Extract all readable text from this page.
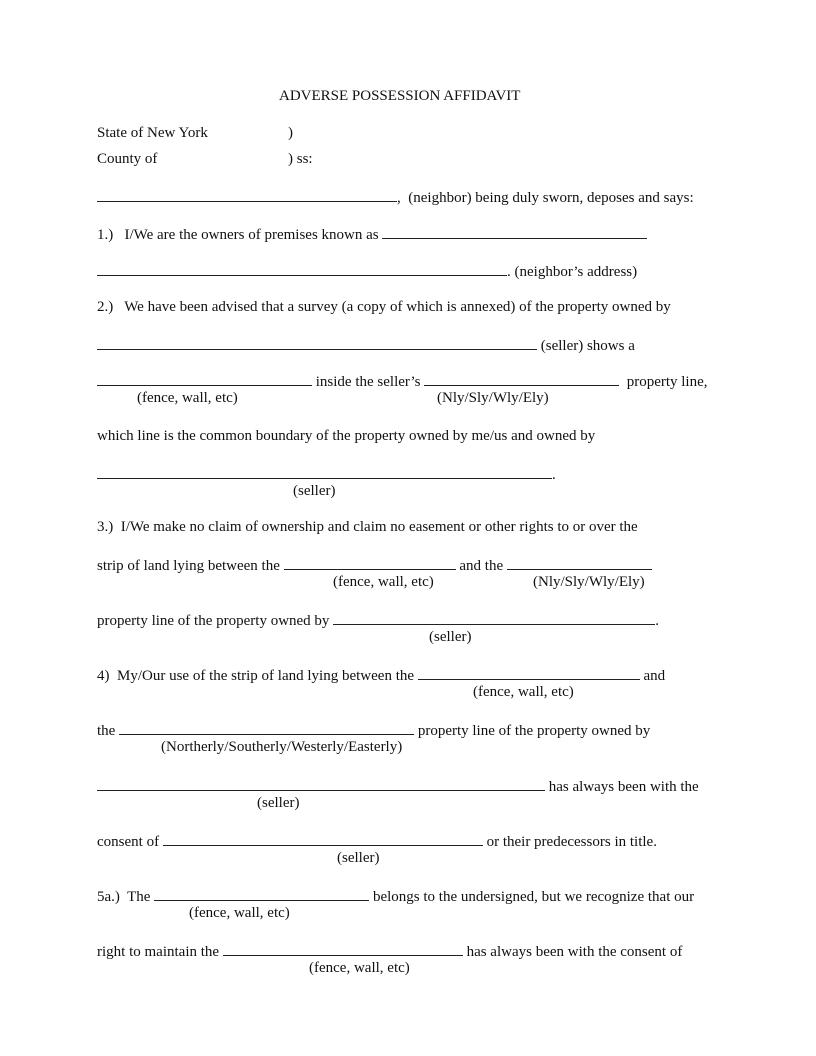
ADVERSE POSSESSION AFFIDAVIT
State of New York	)
County of	) ss:
,  (neighbor) being duly sworn, deposes and says:
1.)   I/We are the owners of premises known as
. (neighbor’s address)
2.)   We have been advised that a survey (a copy of which is annexed) of the property owned by
(seller) shows a
inside the seller’s	property line,
(fence, wall, etc)	(Nly/Sly/Wly/Ely)
which line is the common boundary of the property owned by me/us and owned by
.
(seller)
3.)  I/We make no claim of ownership and claim no easement or other rights to or over the
strip of land lying between the	and the
(fence, wall, etc)	(Nly/Sly/Wly/Ely)
property line of the property owned by	.
(seller)
4)  My/Our use of the strip of land lying between the	and
(fence, wall, etc)
the	property line of the property owned by
(Northerly/Southerly/Westerly/Easterly)
has always been with the
(seller)
consent of	or their predecessors in title.
(seller)
5a.)  The	belongs to the undersigned, but we recognize that our
(fence, wall, etc)
right to maintain the	has always been with the consent of
(fence, wall, etc)
